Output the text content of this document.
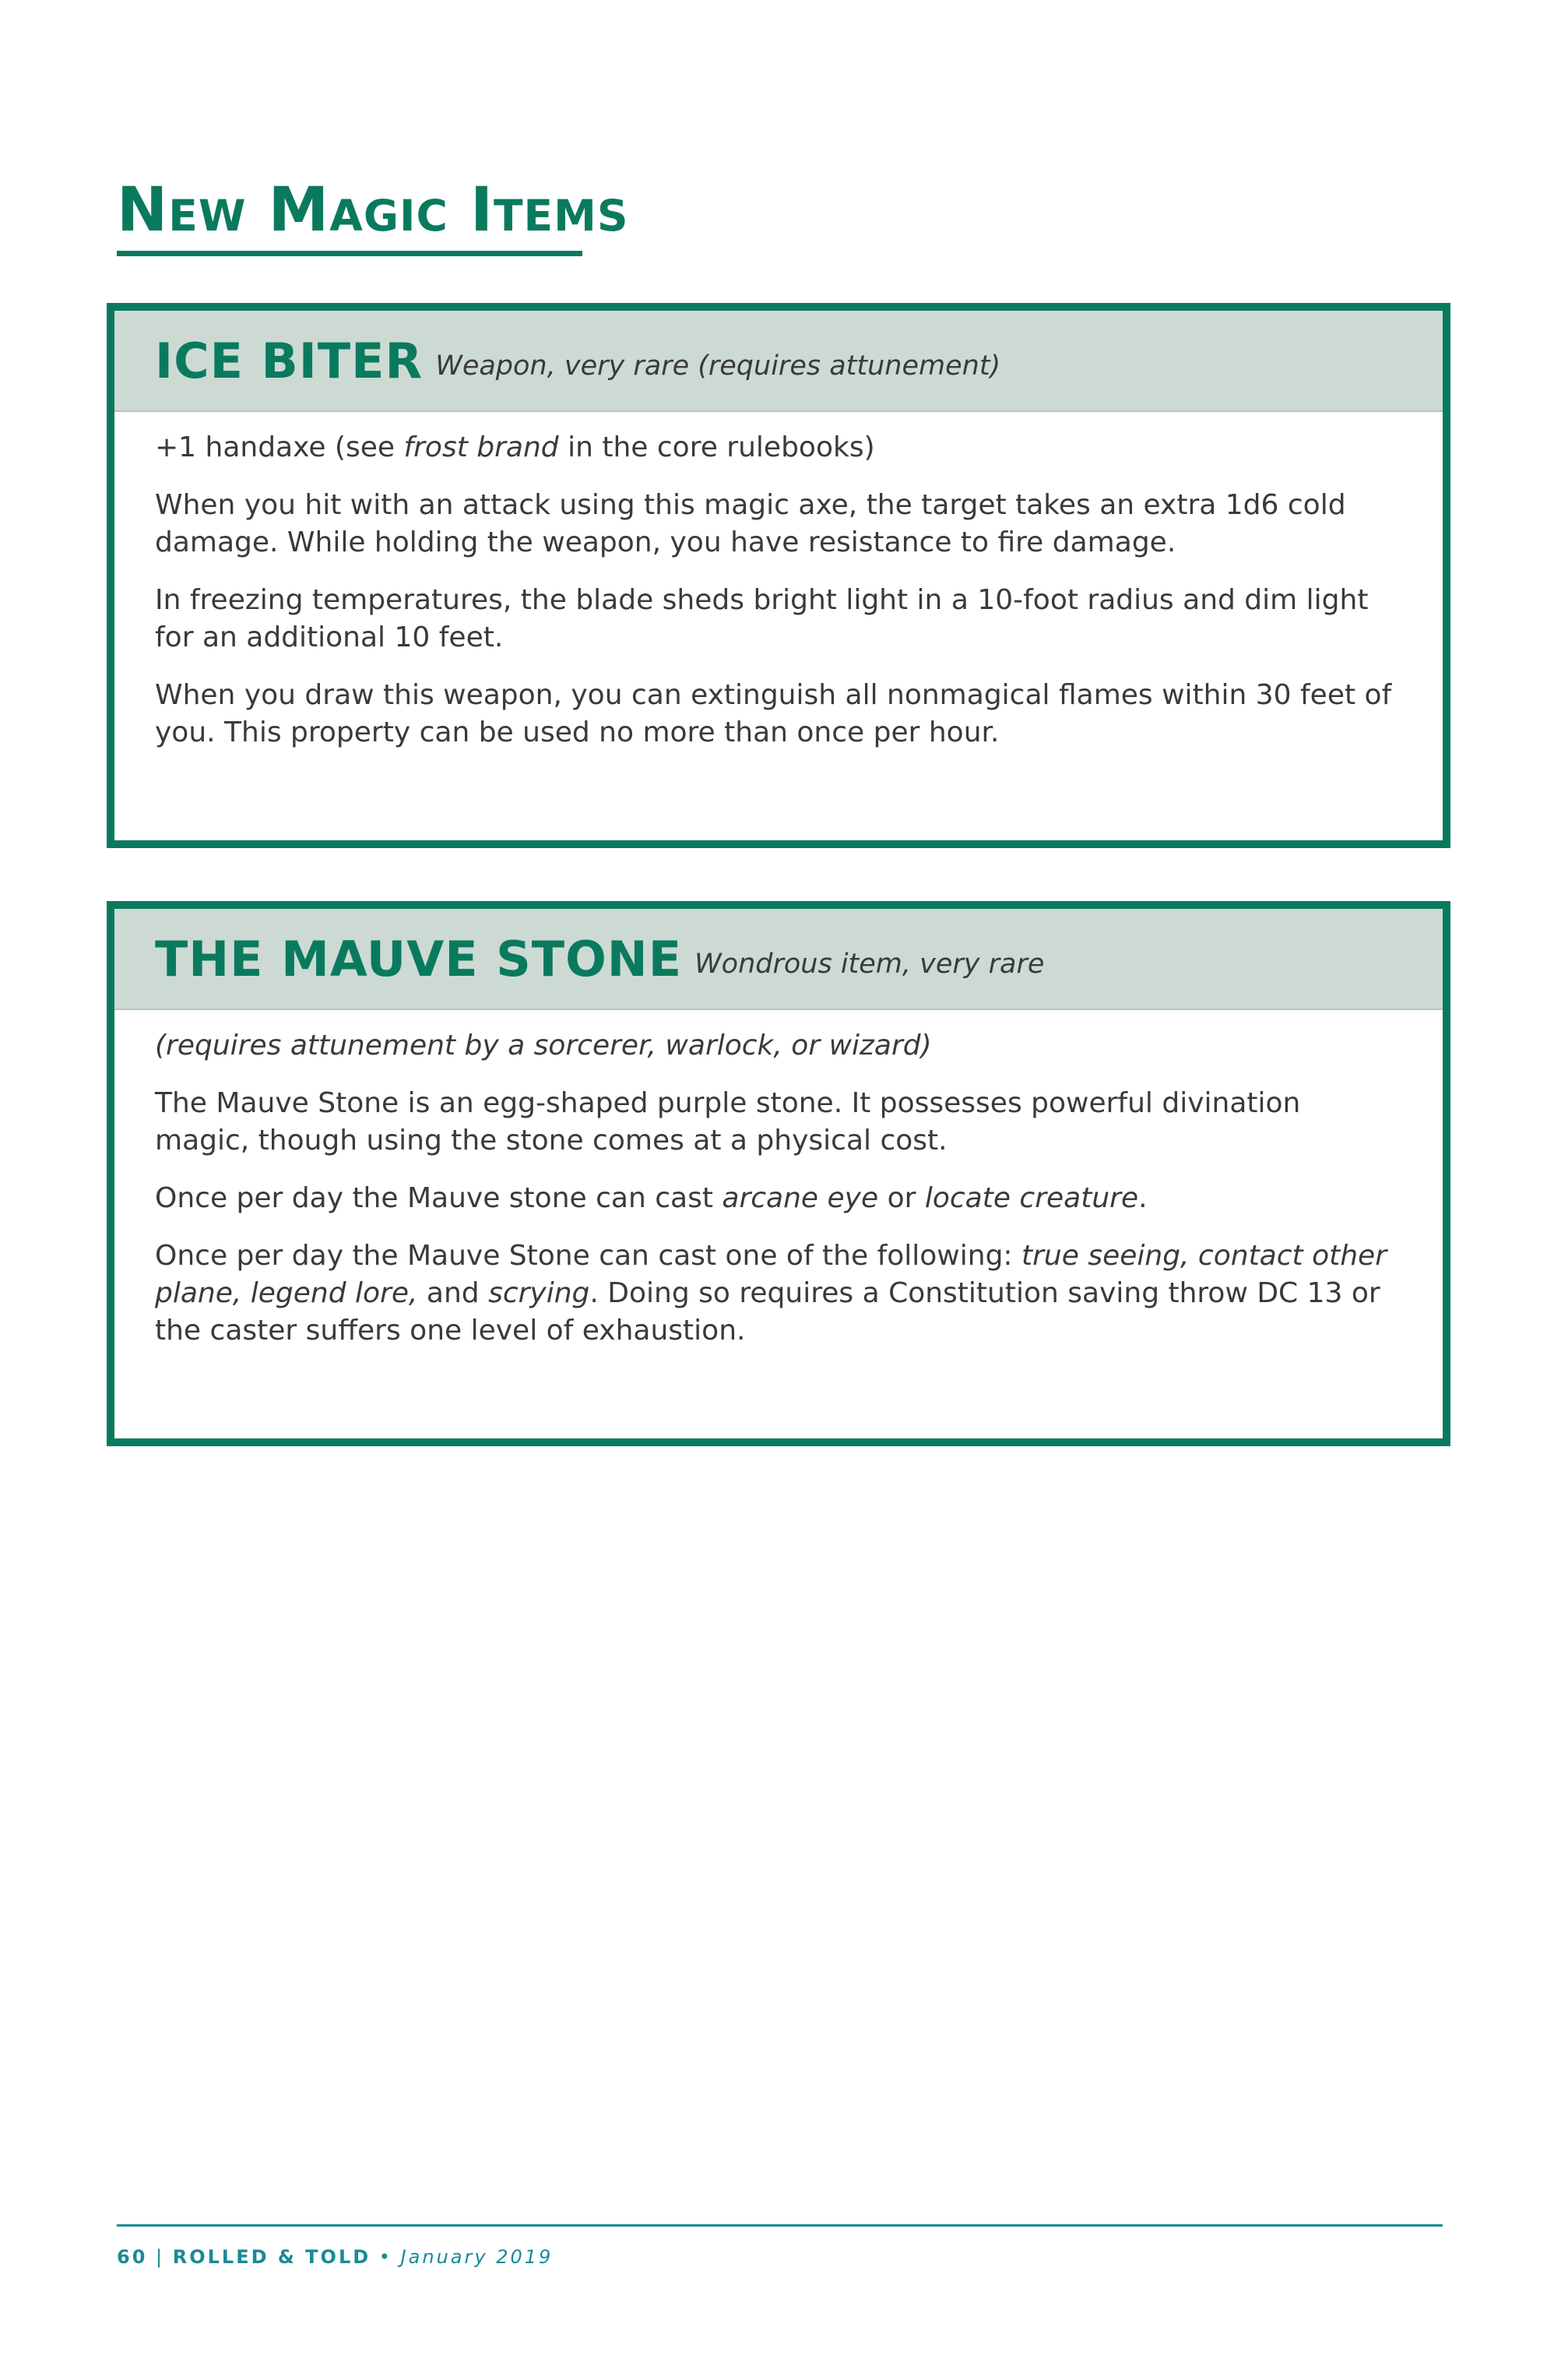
New Magic Items
ICE BITER Weapon, very rare (requires attunement)

+1 handaxe (see frost brand in the core rulebooks)

When you hit with an attack using this magic axe, the target takes an extra 1d6 cold damage. While holding the weapon, you have resistance to fire damage.

In freezing temperatures, the blade sheds bright light in a 10-foot radius and dim light for an additional 10 feet.

When you draw this weapon, you can extinguish all nonmagical flames within 30 feet of you. This property can be used no more than once per hour.

THE MAUVE STONE Wondrous item, very rare

(requires attunement by a sorcerer, warlock, or wizard)

The Mauve Stone is an egg-shaped purple stone. It possesses powerful divination magic, though using the stone comes at a physical cost.

Once per day the Mauve stone can cast arcane eye or locate creature.

Once per day the Mauve Stone can cast one of the following: true seeing, contact other plane, legend lore, and scrying. Doing so requires a Constitution saving throw DC 13 or the caster suffers one level of exhaustion.

60 | ROLLED & TOLD • January 2019
